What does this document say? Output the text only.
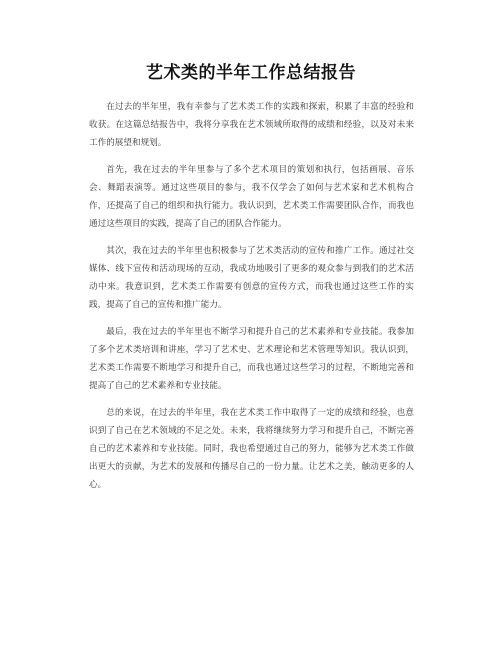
艺术类的半年工作总结报告

在过去的半年里，我有幸参与了艺术类工作的实践和探索，积累了丰富的经验和收获。在这篇总结报告中，我将分享我在艺术领域所取得的成绩和经验，以及对未来工作的展望和规划。

首先，我在过去的半年里参与了多个艺术项目的策划和执行，包括画展、音乐会、舞蹈表演等。通过这些项目的参与，我不仅学会了如何与艺术家和艺术机构合作，还提高了自己的组织和执行能力。我认识到，艺术类工作需要团队合作，而我也通过这些项目的实践，提高了自己的团队合作能力。

其次，我在过去的半年里也积极参与了艺术类活动的宣传和推广工作。通过社交媒体、线下宣传和活动现场的互动，我成功地吸引了更多的观众参与到我们的艺术活动中来。我意识到，艺术类工作需要有创意的宣传方式，而我也通过这些工作的实践，提高了自己的宣传和推广能力。

最后，我在过去的半年里也不断学习和提升自己的艺术素养和专业技能。我参加了多个艺术类培训和讲座，学习了艺术史、艺术理论和艺术管理等知识。我认识到，艺术类工作需要不断地学习和提升自己，而我也通过这些学习的过程，不断地完善和提高了自己的艺术素养和专业技能。

总的来说，在过去的半年里，我在艺术类工作中取得了一定的成绩和经验，也意识到了自己在艺术领域的不足之处。未来，我将继续努力学习和提升自己，不断完善自己的艺术素养和专业技能。同时，我也希望通过自己的努力，能够为艺术类工作做出更大的贡献，为艺术的发展和传播尽自己的一份力量。让艺术之美，触动更多的人心。
